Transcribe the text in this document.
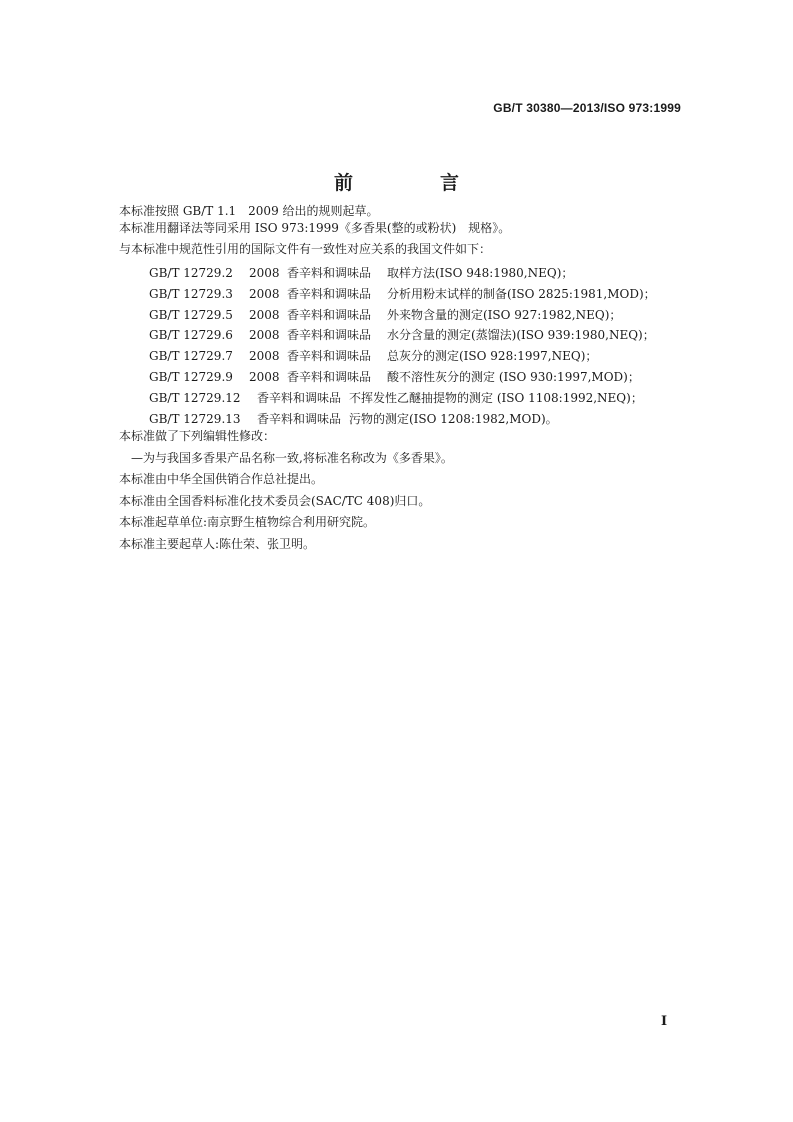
GB/T 30380—2013/ISO 973:1999
前　言
本标准按照 GB/T 1.1　2009 给出的规则起草。
本标准用翻译法等同采用 ISO 973:1999《多香果(整的或粉状)　规格》。
与本标准中规范性引用的国际文件有一致性对应关系的我国文件如下：
GB/T 12729.2 2008 香辛料和调味品 取样方法(ISO 948:1980,NEQ)；
GB/T 12729.3 2008 香辛料和调味品 分析用粉末试样的制备(ISO 2825:1981,MOD)；
GB/T 12729.5 2008 香辛料和调味品 外来物含量的测定(ISO 927:1982,NEQ)；
GB/T 12729.6 2008 香辛料和调味品 水分含量的测定(蒸馏法)(ISO 939:1980,NEQ)；
GB/T 12729.7 2008 香辛料和调味品 总灰分的测定(ISO 928:1997,NEQ)；
GB/T 12729.9 2008 香辛料和调味品 酸不溶性灰分的测定 (ISO 930:1997,MOD)；
GB/T 12729.12 香辛料和调味品 不挥发性乙醚抽提物的测定 (ISO 1108:1992,NEQ)；
GB/T 12729.13 香辛料和调味品 污物的测定(ISO 1208:1982,MOD)。
本标准做了下列编辑性修改：
—为与我国多香果产品名称一致,将标准名称改为《多香果》。
本标准由中华全国供销合作总社提出。
本标准由全国香料标准化技术委员会(SAC/TC 408)归口。
本标准起草单位:南京野生植物综合利用研究院。
本标准主要起草人:陈仕荣、张卫明。
I
